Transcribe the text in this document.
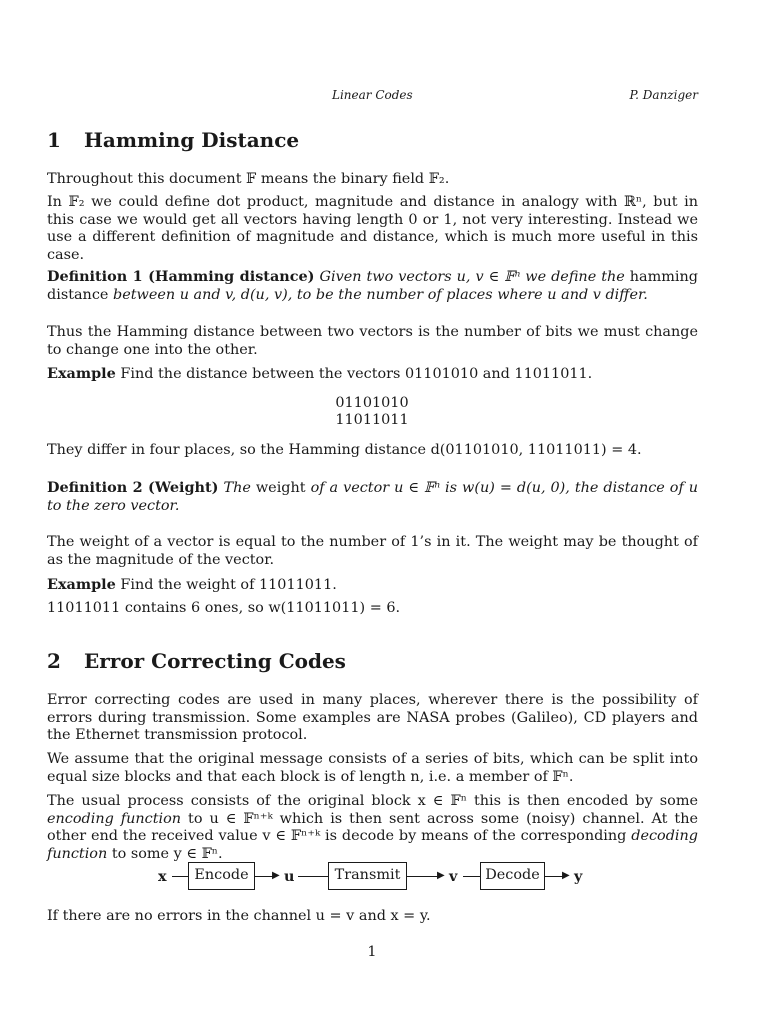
Linear Codes	P. Danziger
1 Hamming Distance
Throughout this document 𝔽 means the binary field 𝔽₂.
In 𝔽₂ we could define dot product, magnitude and distance in analogy with ℝⁿ, but in this case we would get all vectors having length 0 or 1, not very interesting. Instead we use a different definition of magnitude and distance, which is much more useful in this case.
Definition 1 (Hamming distance) Given two vectors u, v ∈ 𝔽ⁿ we define the hamming distance between u and v, d(u, v), to be the number of places where u and v differ.
Thus the Hamming distance between two vectors is the number of bits we must change to change one into the other.
Example Find the distance between the vectors 01101010 and 11011011.
01101010
11011011
They differ in four places, so the Hamming distance d(01101010, 11011011) = 4.
Definition 2 (Weight) The weight of a vector u ∈ 𝔽ⁿ is w(u) = d(u, 0), the distance of u to the zero vector.
The weight of a vector is equal to the number of 1’s in it. The weight may be thought of as the magnitude of the vector.
Example Find the weight of 11011011.
11011011 contains 6 ones, so w(11011011) = 6.
2 Error Correcting Codes
Error correcting codes are used in many places, wherever there is the possibility of errors during transmission. Some examples are NASA probes (Galileo), CD players and the Ethernet transmission protocol.
We assume that the original message consists of a series of bits, which can be split into equal size blocks and that each block is of length n, i.e. a member of 𝔽ⁿ.
The usual process consists of the original block x ∈ 𝔽ⁿ this is then encoded by some encoding function to u ∈ 𝔽ⁿ⁺ᵏ which is then sent across some (noisy) channel. At the other end the received value v ∈ 𝔽ⁿ⁺ᵏ is decode by means of the corresponding decoding function to some y ∈ 𝔽ⁿ.
x	Encode	▶ u	Transmit	▶ v	Decode	▶ y
If there are no errors in the channel u = v and x = y.
1
